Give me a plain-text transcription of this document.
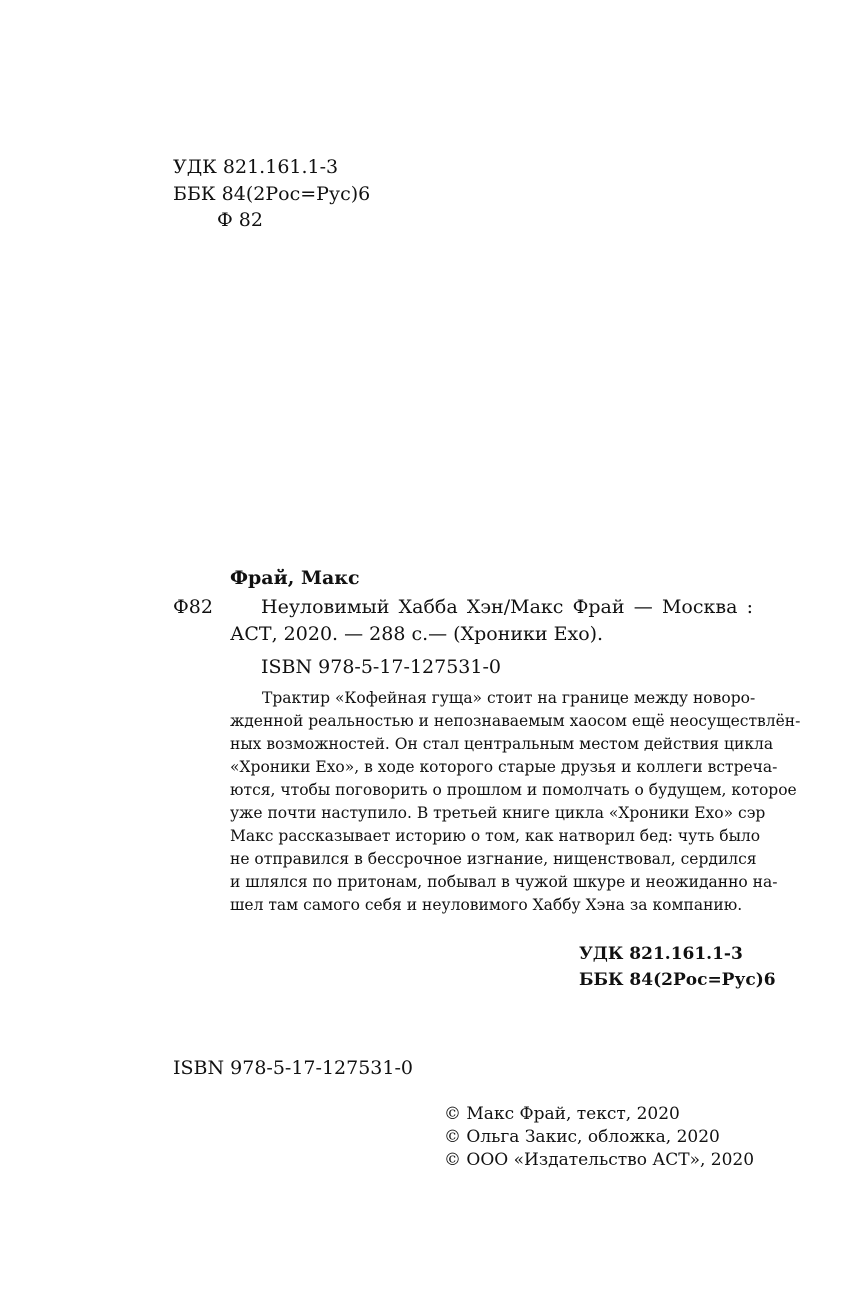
УДК 821.161.1-3
ББК 84(2Рос=Рус)6
Ф 82
Фрай, Макс
Ф82	Неуловимый Хабба Хэн/Макс Фрай — Москва :
АСТ, 2020. — 288 с.— (Хроники Ехо).
ISBN 978-5-17-127531-0
Трактир «Кофейная гуща» стоит на границе между новоро-
жденной реальностью и непознаваемым хаосом ещё неосуществлён-
ных возможностей. Он стал центральным местом действия цикла
«Хроники Ехо», в ходе которого старые друзья и коллеги встреча-
ются, чтобы поговорить о прошлом и помолчать о будущем, которое
уже почти наступило. В третьей книге цикла «Хроники Ехо» сэр
Макс рассказывает историю о том, как натворил бед: чуть было
не отправился в бессрочное изгнание, нищенствовал, сердился
и шлялся по притонам, побывал в чужой шкуре и неожиданно на-
шел там самого себя и неуловимого Хаббу Хэна за компанию.
УДК 821.161.1-3
ББК 84(2Рос=Рус)6
ISBN 978-5-17-127531-0
© Макс Фрай, текст, 2020
© Ольга Закис, обложка, 2020
© ООО «Издательство АСТ», 2020
